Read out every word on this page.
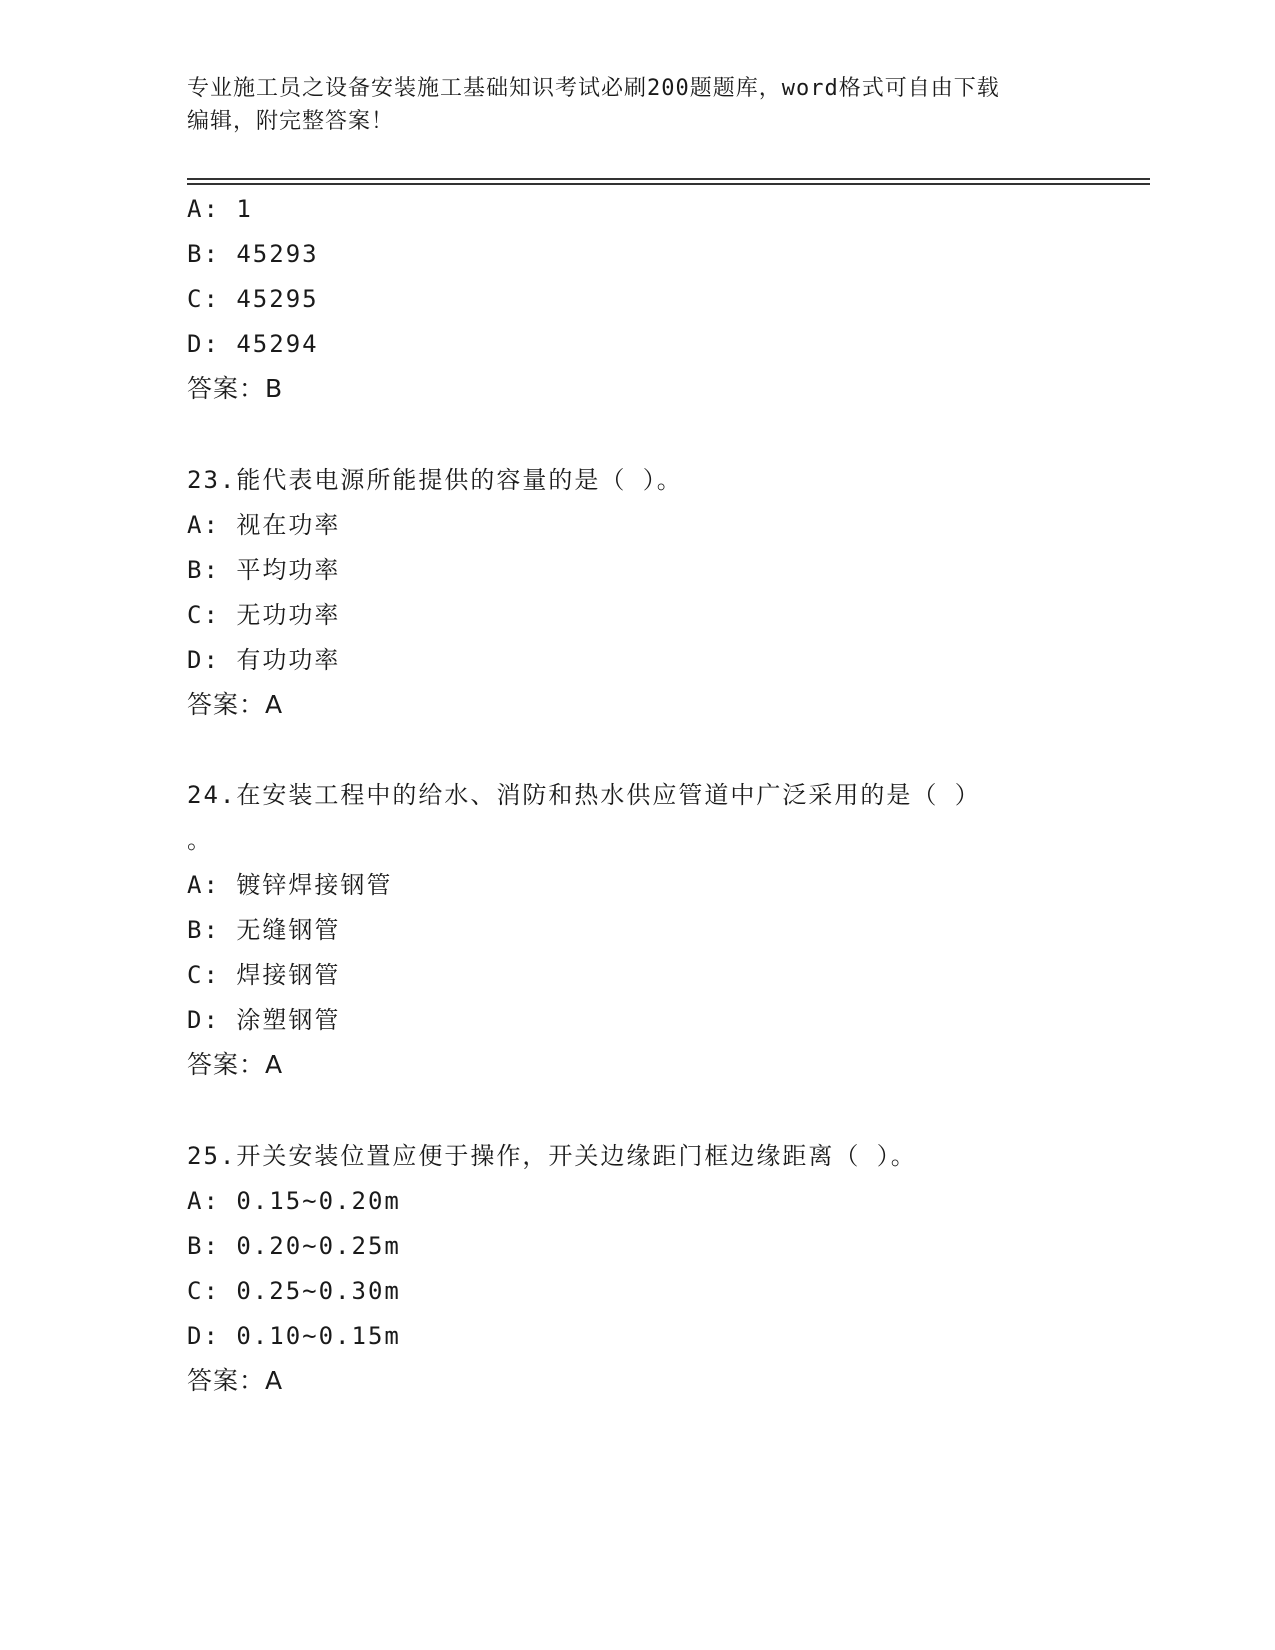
专业施工员之设备安装施工基础知识考试必刷200题题库，word格式可自由下载
编辑，附完整答案！
A: 1
B: 45293
C: 45295
D: 45294
答案：B
23.能代表电源所能提供的容量的是（ ）。
A: 视在功率
B: 平均功率
C: 无功功率
D: 有功功率
答案：A
24.在安装工程中的给水、消防和热水供应管道中广泛采用的是（ ）
。
A: 镀锌焊接钢管
B: 无缝钢管
C: 焊接钢管
D: 涂塑钢管
答案：A
25.开关安装位置应便于操作，开关边缘距门框边缘距离（ ）。
A: 0.15~0.20m
B: 0.20~0.25m
C: 0.25~0.30m
D: 0.10~0.15m
答案：A
